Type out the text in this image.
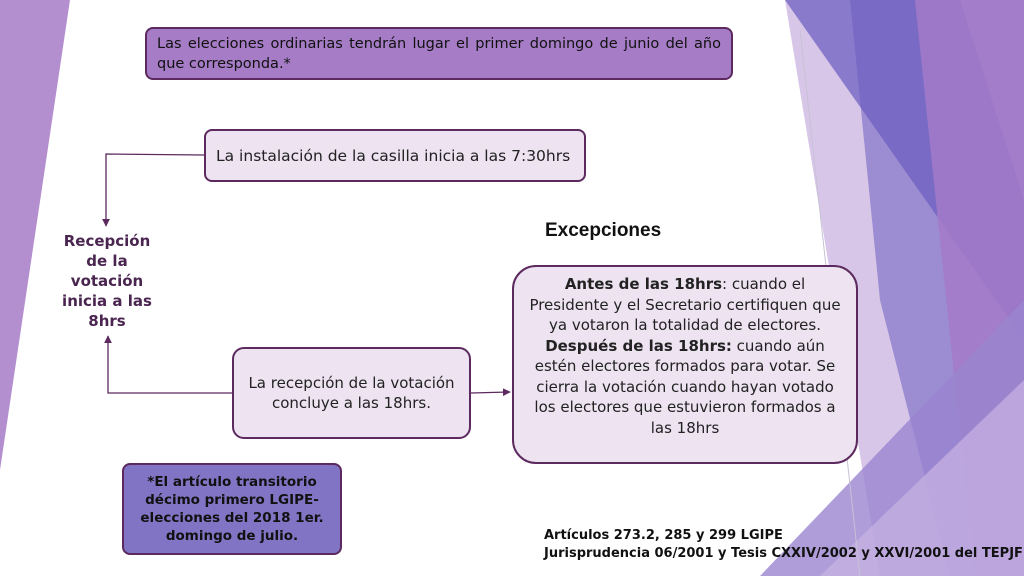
Las elecciones ordinarias tendrán lugar el primer domingo de junio del año que corresponda.*
La instalación de la casilla inicia a las 7:30hrs
Recepción
de la
votación
inicia a las
8hrs
La recepción de la votación concluye a las 18hrs.
Excepciones
Antes de las 18hrs: cuando el Presidente y el Secretario certifiquen que ya votaron la totalidad de electores.
Después de las 18hrs: cuando aún estén electores formados para votar. Se cierra la votación cuando hayan votado los electores que estuvieron formados a las 18hrs
*El artículo transitorio décimo primero LGIPE- elecciones del 2018 1er. domingo de julio.	Artículos 273.2, 285 y 299 LGIPE
Jurisprudencia 06/2001 y Tesis CXXIV/2002 y XXVI/2001 del TEPJF
